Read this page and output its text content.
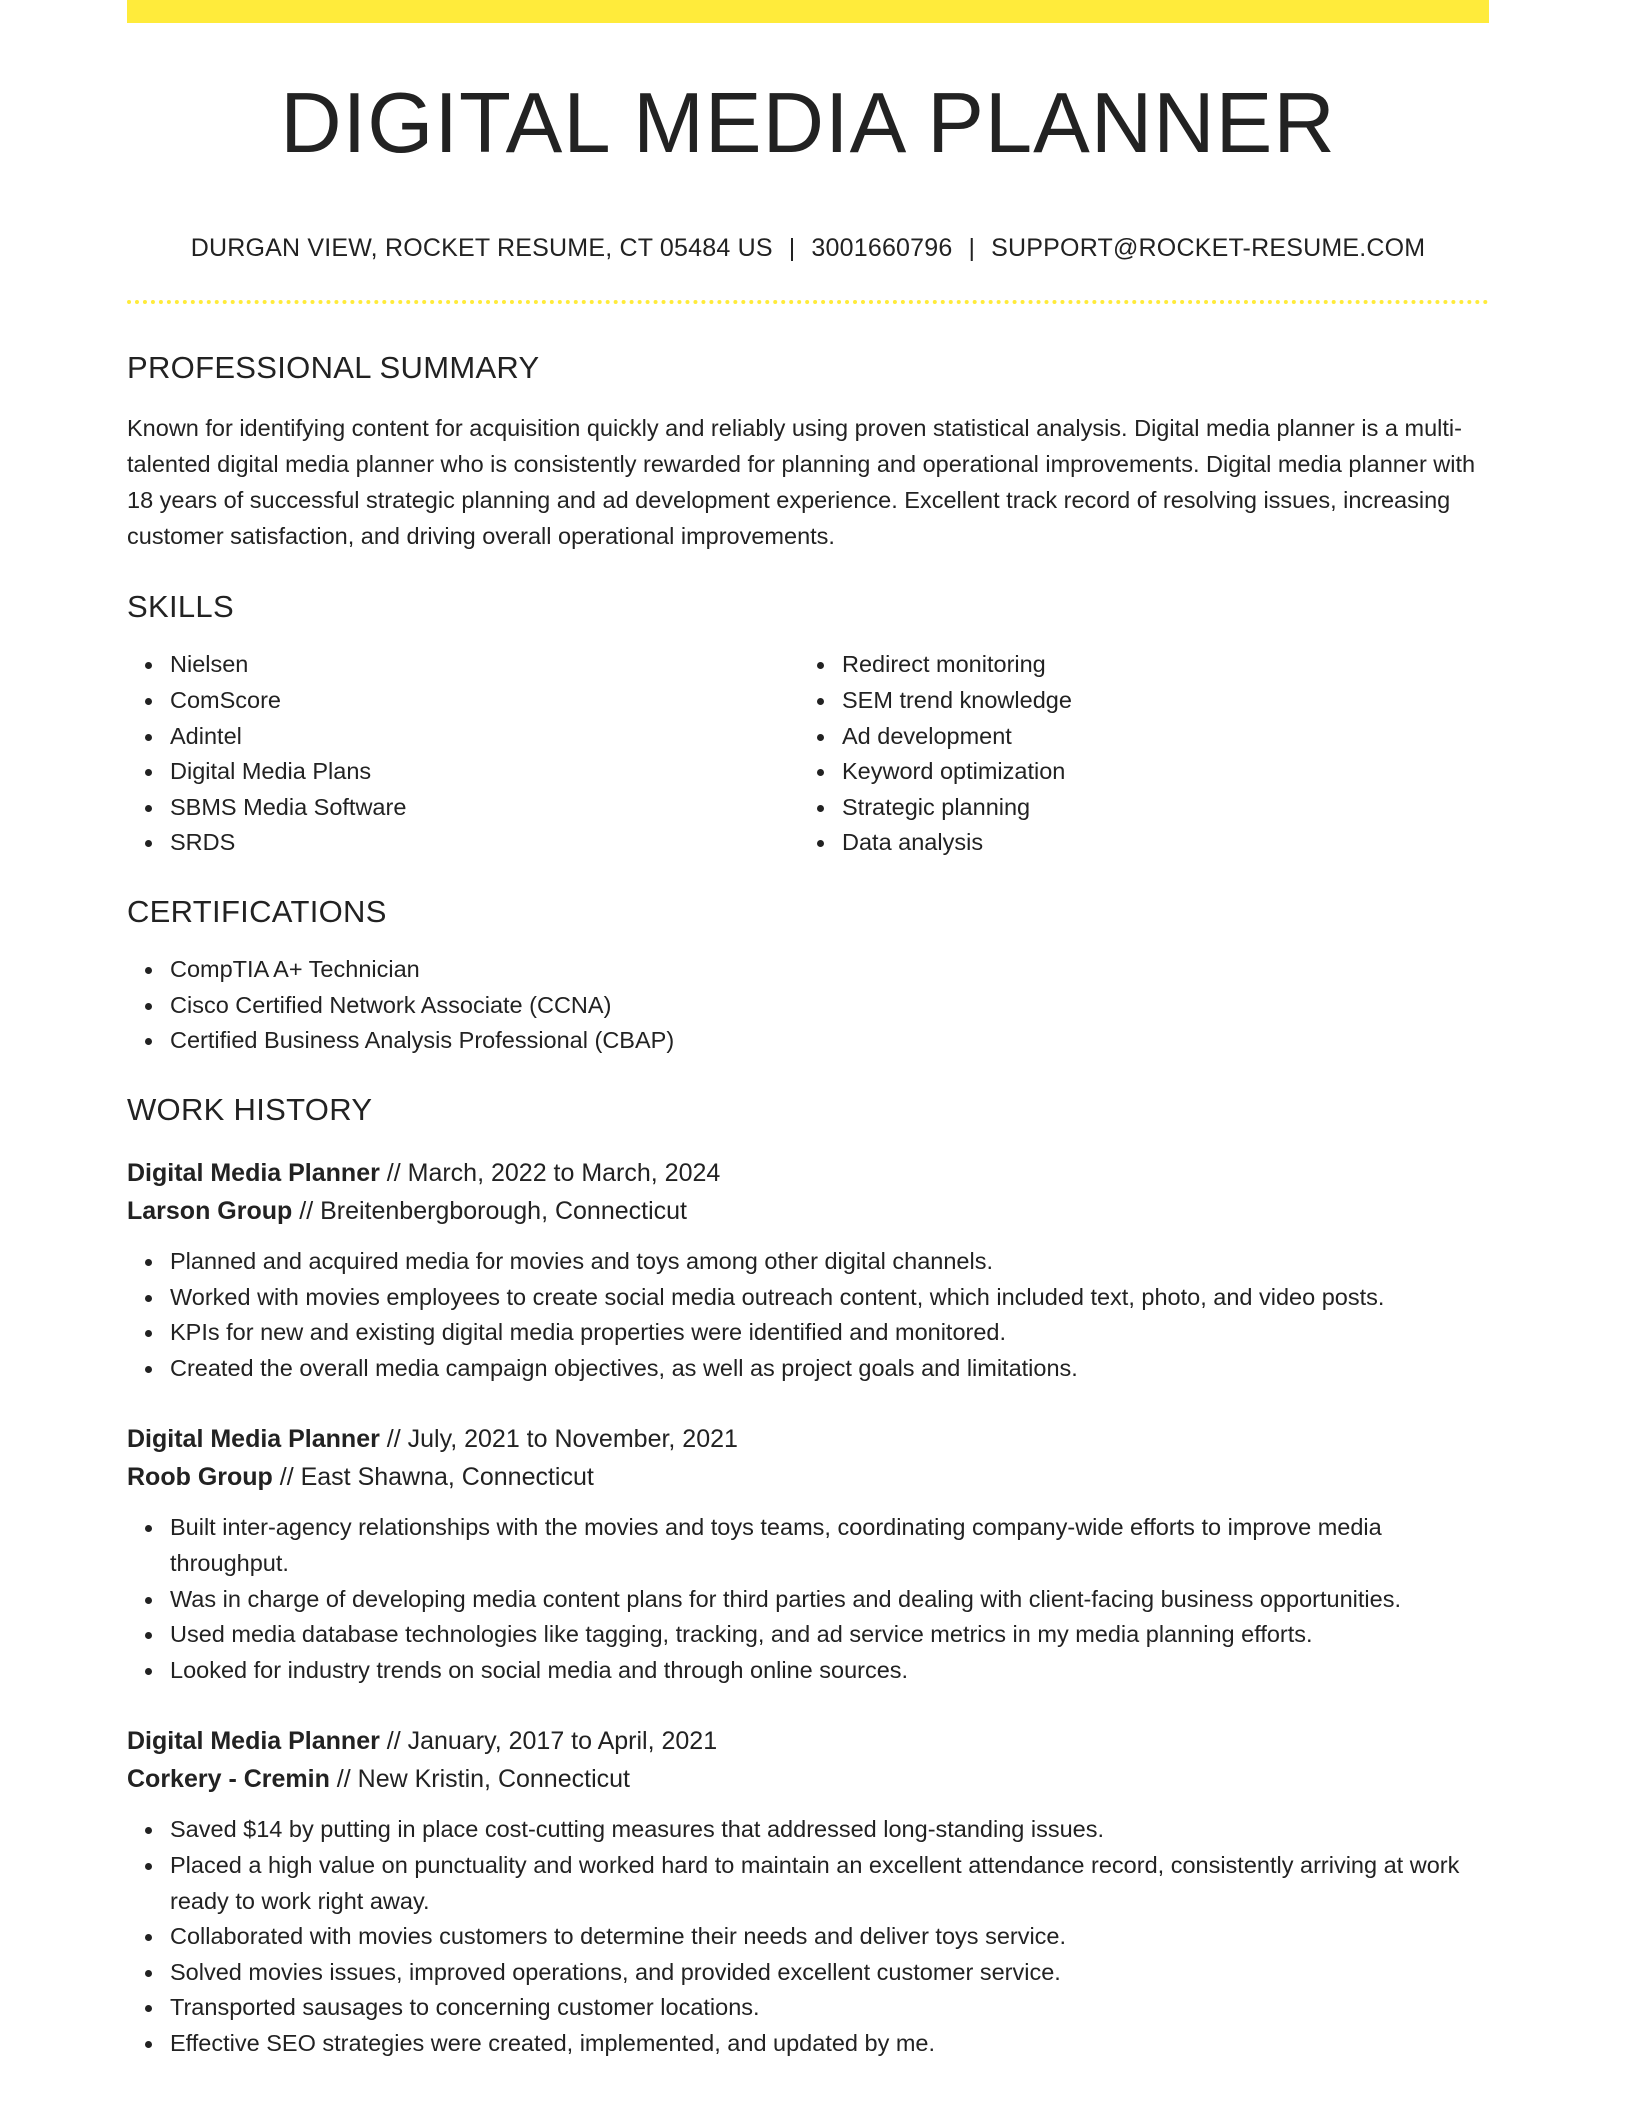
DIGITAL MEDIA PLANNER
DURGAN VIEW, ROCKET RESUME, CT 05484 US | 3001660796 | SUPPORT@ROCKET-RESUME.COM
PROFESSIONAL SUMMARY

Known for identifying content for acquisition quickly and reliably using proven statistical analysis. Digital media planner is a multi-talented digital media planner who is consistently rewarded for planning and operational improvements. Digital media planner with 18 years of successful strategic planning and ad development experience. Excellent track record of resolving issues, increasing customer satisfaction, and driving overall operational improvements.

SKILLS
Nielsen
ComScore
Adintel
Digital Media Plans
SBMS Media Software
SRDS
Redirect monitoring
SEM trend knowledge
Ad development
Keyword optimization
Strategic planning
Data analysis
CERTIFICATIONS
CompTIA A+ Technician
Cisco Certified Network Associate (CCNA)
Certified Business Analysis Professional (CBAP)
WORK HISTORY
Digital Media Planner // March, 2022 to March, 2024
Larson Group // Breitenbergborough, Connecticut
Planned and acquired media for movies and toys among other digital channels.
Worked with movies employees to create social media outreach content, which included text, photo, and video posts.
KPIs for new and existing digital media properties were identified and monitored.
Created the overall media campaign objectives, as well as project goals and limitations.
Digital Media Planner // July, 2021 to November, 2021
Roob Group // East Shawna, Connecticut
Built inter-agency relationships with the movies and toys teams, coordinating company-wide efforts to improve media throughput.
Was in charge of developing media content plans for third parties and dealing with client-facing business opportunities.
Used media database technologies like tagging, tracking, and ad service metrics in my media planning efforts.
Looked for industry trends on social media and through online sources.
Digital Media Planner // January, 2017 to April, 2021
Corkery - Cremin // New Kristin, Connecticut
Saved $14 by putting in place cost-cutting measures that addressed long-standing issues.
Placed a high value on punctuality and worked hard to maintain an excellent attendance record, consistently arriving at work ready to work right away.
Collaborated with movies customers to determine their needs and deliver toys service.
Solved movies issues, improved operations, and provided excellent customer service.
Transported sausages to concerning customer locations.
Effective SEO strategies were created, implemented, and updated by me.
